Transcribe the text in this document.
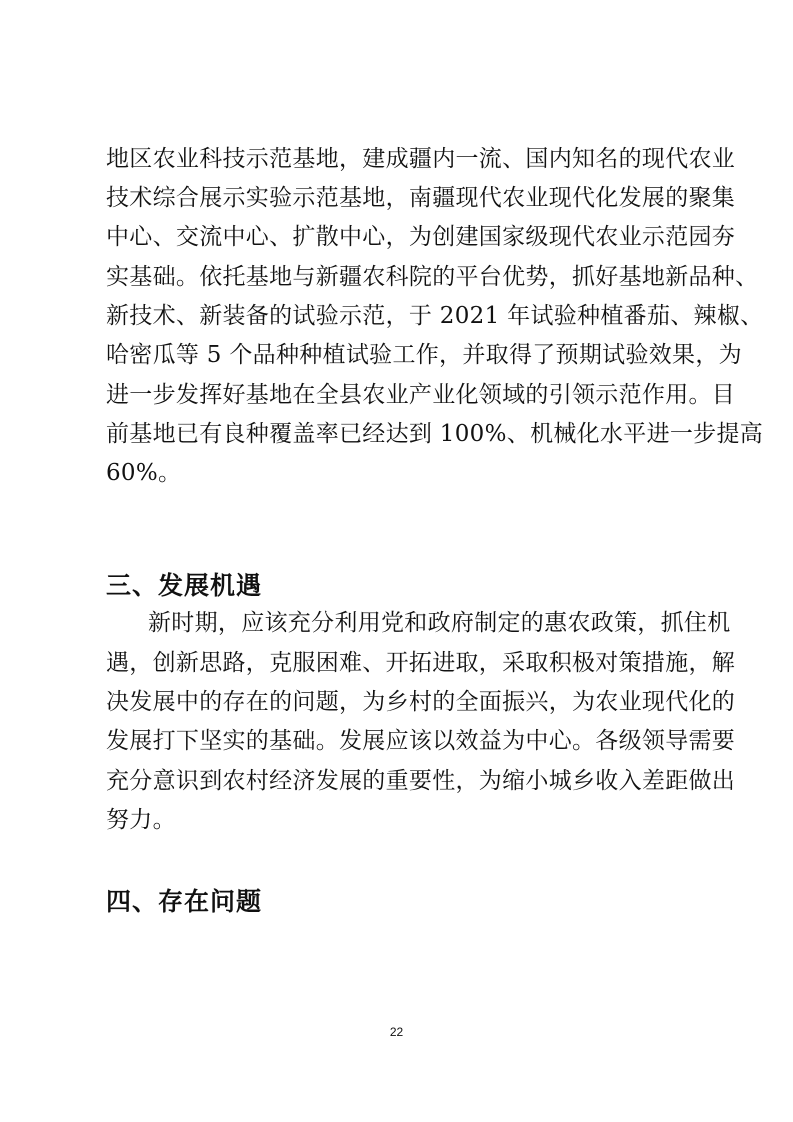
地区农业科技示范基地，建成疆内一流、国内知名的现代农业
技术综合展示实验示范基地，南疆现代农业现代化发展的聚集
中心、交流中心、扩散中心，为创建国家级现代农业示范园夯
实基础。依托基地与新疆农科院的平台优势，抓好基地新品种、
新技术、新装备的试验示范，于 2021 年试验种植番茄、辣椒、
哈密瓜等 5 个品种种植试验工作，并取得了预期试验效果，为
进一步发挥好基地在全县农业产业化领域的引领示范作用。目
前基地已有良种覆盖率已经达到 100%、机械化水平进一步提高
60%。
三、发展机遇
新时期，应该充分利用党和政府制定的惠农政策，抓住机
遇，创新思路，克服困难、开拓进取，采取积极对策措施，解
决发展中的存在的问题，为乡村的全面振兴，为农业现代化的
发展打下坚实的基础。发展应该以效益为中心。各级领导需要
充分意识到农村经济发展的重要性，为缩小城乡收入差距做出
努力。
四、存在问题
22
